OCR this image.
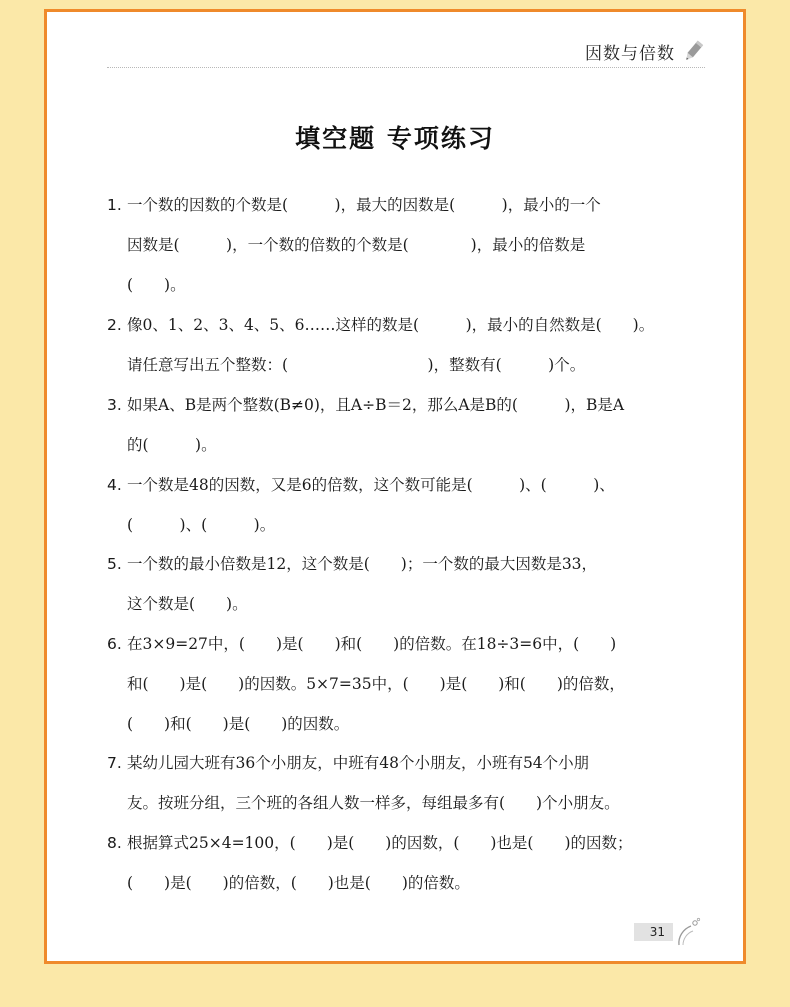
因数与倍数
填空题 专项练习
1. 一个数的因数的个数是(　　　)，最大的因数是(　　　)，最小的一个
因数是(　　　)，一个数的倍数的个数是(　　　　)，最小的倍数是
(　　)。
2. 像0、1、2、3、4、5、6……这样的数是(　　　)，最小的自然数是(　　)。
请任意写出五个整数：(　　　　　　　　　)，整数有(　　　)个。
3. 如果A、B是两个整数(B≠0)，且A÷B＝2，那么A是B的(　　　)，B是A
的(　　　)。
4. 一个数是48的因数，又是6的倍数，这个数可能是(　　　)、(　　　)、
(　　　)、(　　　)。
5. 一个数的最小倍数是12，这个数是(　　)；一个数的最大因数是33，
这个数是(　　)。
6. 在3×9=27中，(　　)是(　　)和(　　)的倍数。在18÷3=6中，(　　)
和(　　)是(　　)的因数。5×7=35中，(　　)是(　　)和(　　)的倍数，
(　　)和(　　)是(　　)的因数。
7. 某幼儿园大班有36个小朋友，中班有48个小朋友，小班有54个小朋
友。按班分组，三个班的各组人数一样多，每组最多有(　　)个小朋友。
8. 根据算式25×4=100，(　　)是(　　)的因数，(　　)也是(　　)的因数；
(　　)是(　　)的倍数，(　　)也是(　　)的倍数。
31
